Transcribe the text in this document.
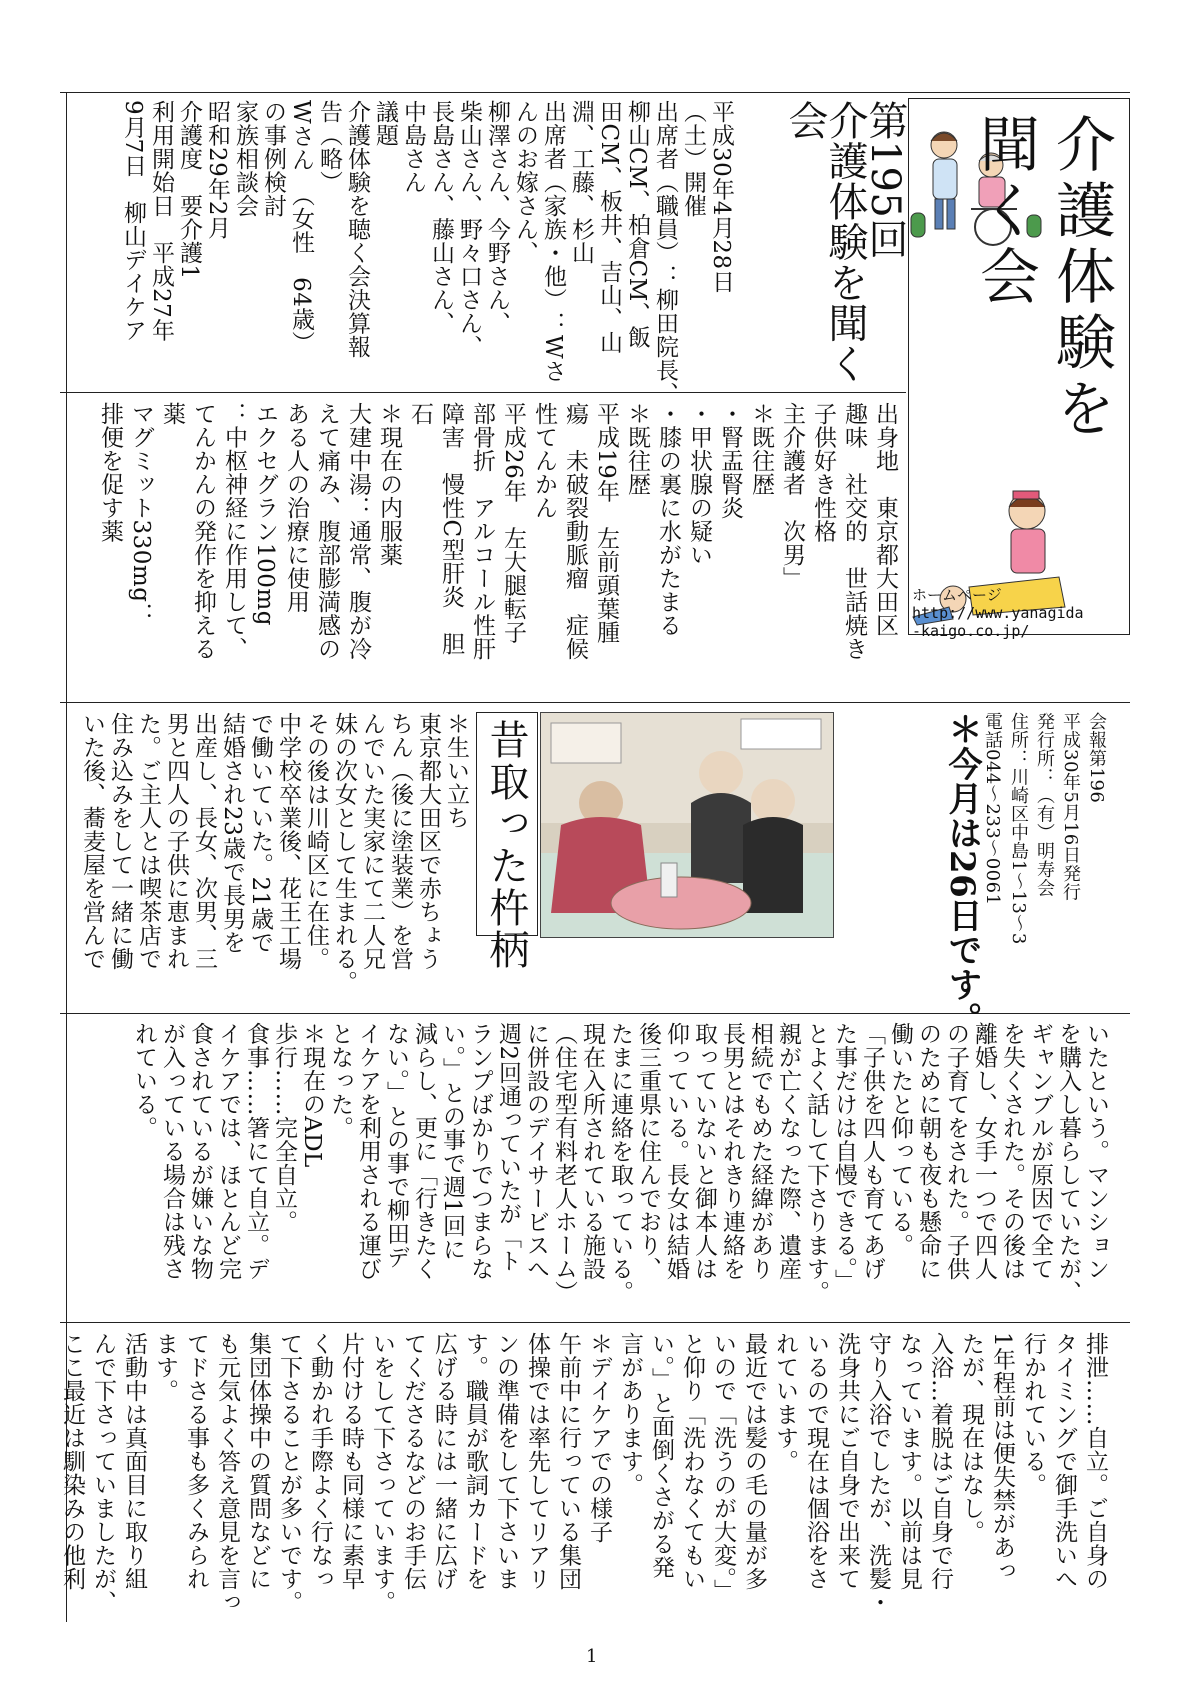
介護体験を
聞く会
ホームページ
http://www.yanagida
-kaigo.co.jp/
会報第196
平成30年5月16日発行
発行所：（有）明寿会
住所：川崎区中島1～13～3
電話044～233～0061
＊今月は26日です。
第195回
介護体験を聞く
会
平成30年4月28日
（土）開催
出席者（職員）：柳田院長、
柳山CM、柏倉CM、飯
田CM、板井、吉山、山
淵、工藤、杉山
出席者（家族・他）：Wさ
んのお嫁さん、
柳澤さん、今野さん、
柴山さん、野々口さん、
長島さん、藤山さん、
中島さん
議題
介護体験を聴く会決算報
告（略）
Wさん　（女性　64歳）
の事例検討
家族相談会
昭和29年2月
介護度　要介護1
利用開始日　平成27年
9月7日　柳山デイケア
出身地　東京都大田区
趣味　社交的　世話焼き
子供好き性格
主介護者　次男」
＊既往歴
・腎盂腎炎
・甲状腺の疑い
・膝の裏に水がたまる
＊既往歴
平成19年　左前頭葉腫
瘍　未破裂動脈瘤　症候
性てんかん
平成26年　左大腿転子
部骨折　アルコール性肝
障害　慢性C型肝炎　胆
石
＊現在の内服薬
大建中湯：通常、腹が冷
えて痛み、腹部膨満感の
ある人の治療に使用
エクセグラン100mg
：中枢神経に作用して、
てんかんの発作を抑える
薬
マグミット330mg：
排便を促す薬
昔取った杵柄
＊生い立ち
東京都大田区で赤ちょう
ちん（後に塗装業）を営
んでいた実家にて二人兄
妹の次女として生まれる。
その後は川崎区に在住。
中学校卒業後、花王工場
で働いていた。21歳で
結婚され23歳で長男を
出産し、長女、次男、三
男と四人の子供に恵まれ
た。ご主人とは喫茶店で
住み込みをして一緒に働
いた後、蕎麦屋を営んで
いたという。マンション
を購入し暮らしていたが、
ギャンブルが原因で全て
を失くされた。その後は
離婚し、女手一つで四人
の子育てをされた。子供
のために朝も夜も懸命に
働いたと仰っている。
「子供を四人も育てあげ
た事だけは自慢できる。」
とよく話して下さります。
親が亡くなった際、遺産
相続でもめた経緯があり
長男とはそれきり連絡を
取っていないと御本人は
仰っている。長女は結婚
後三重県に住んでおり、
たまに連絡を取っている。
現在入所されている施設
（住宅型有料老人ホーム）
に併設のデイサービスへ
週2回通っていたが「ト
ランプばかりでつまらな
い。」との事で週1回に
減らし、更に「行きたく
ない。」との事で柳田デ
イケアを利用される運び
となった。
＊現在のADL
歩行……完全自立。
食事……箸にて自立。デ
イケアでは、ほとんど完
食されているが嫌いな物
が入っている場合は残さ
れている。
排泄……自立。ご自身の
タイミングで御手洗いへ
行かれている。
1年程前は便失禁があっ
たが、現在はなし。
入浴…着脱はご自身で行
なっています。以前は見
守り入浴でしたが、洗髪・
洗身共にご自身で出来て
いるので現在は個浴をさ
れています。
最近では髪の毛の量が多
いので「洗うのが大変。」
と仰り「洗わなくてもい
い。」と面倒くさがる発
言があります。
＊デイケアでの様子
午前中に行っている集団
体操では率先してリアリ
ンの準備をして下さいま
す。職員が歌詞カードを
広げる時には一緒に広げ
てくださるなどのお手伝
いをして下さっています。
片付ける時も同様に素早
く動かれ手際よく行なっ
て下さることが多いです。
集団体操中の質問などに
も元気よく答え意見を言っ
てドさる事も多くみられ
ます。
活動中は真面目に取り組
んで下さっていましたが、
ここ最近は馴染みの他利
1
